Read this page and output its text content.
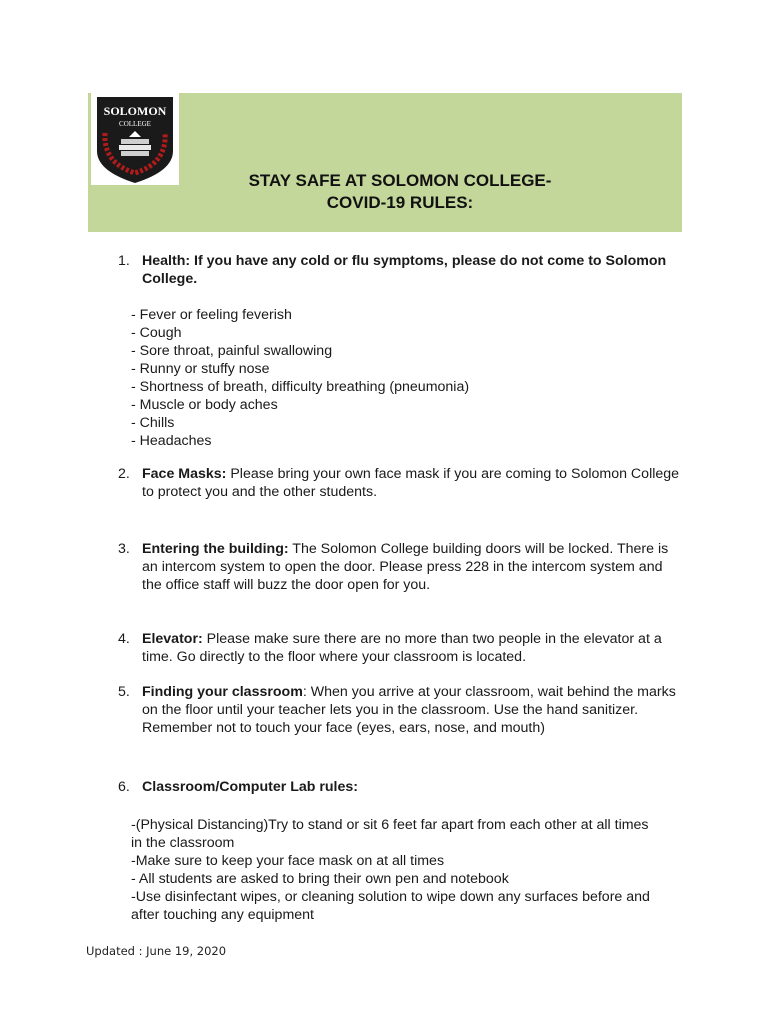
SOLOMON
COLLEGE
STAY SAFE AT SOLOMON COLLEGE-
COVID-19 RULES:
1. Health: If you have any cold or flu symptoms, please do not come to Solomon College.
- Fever or feeling feverish
- Cough
- Sore throat, painful swallowing
- Runny or stuffy nose
- Shortness of breath, difficulty breathing (pneumonia)
- Muscle or body aches
- Chills
- Headaches
2. Face Masks: Please bring your own face mask if you are coming to Solomon College to protect you and the other students.
3. Entering the building: The Solomon College building doors will be locked. There is an intercom system to open the door. Please press 228 in the intercom system and the office staff will buzz the door open for you.
4. Elevator: Please make sure there are no more than two people in the elevator at a time. Go directly to the floor where your classroom is located.
5. Finding your classroom: When you arrive at your classroom, wait behind the marks on the floor until your teacher lets you in the classroom. Use the hand sanitizer. Remember not to touch your face (eyes, ears, nose, and mouth)
6. Classroom/Computer Lab rules:
-(Physical Distancing)Try to stand or sit 6 feet far apart from each other at all times in the classroom
-Make sure to keep your face mask on at all times
- All students are asked to bring their own pen and notebook
-Use disinfectant wipes, or cleaning solution to wipe down any surfaces before and after touching any equipment
Updated : June 19, 2020
